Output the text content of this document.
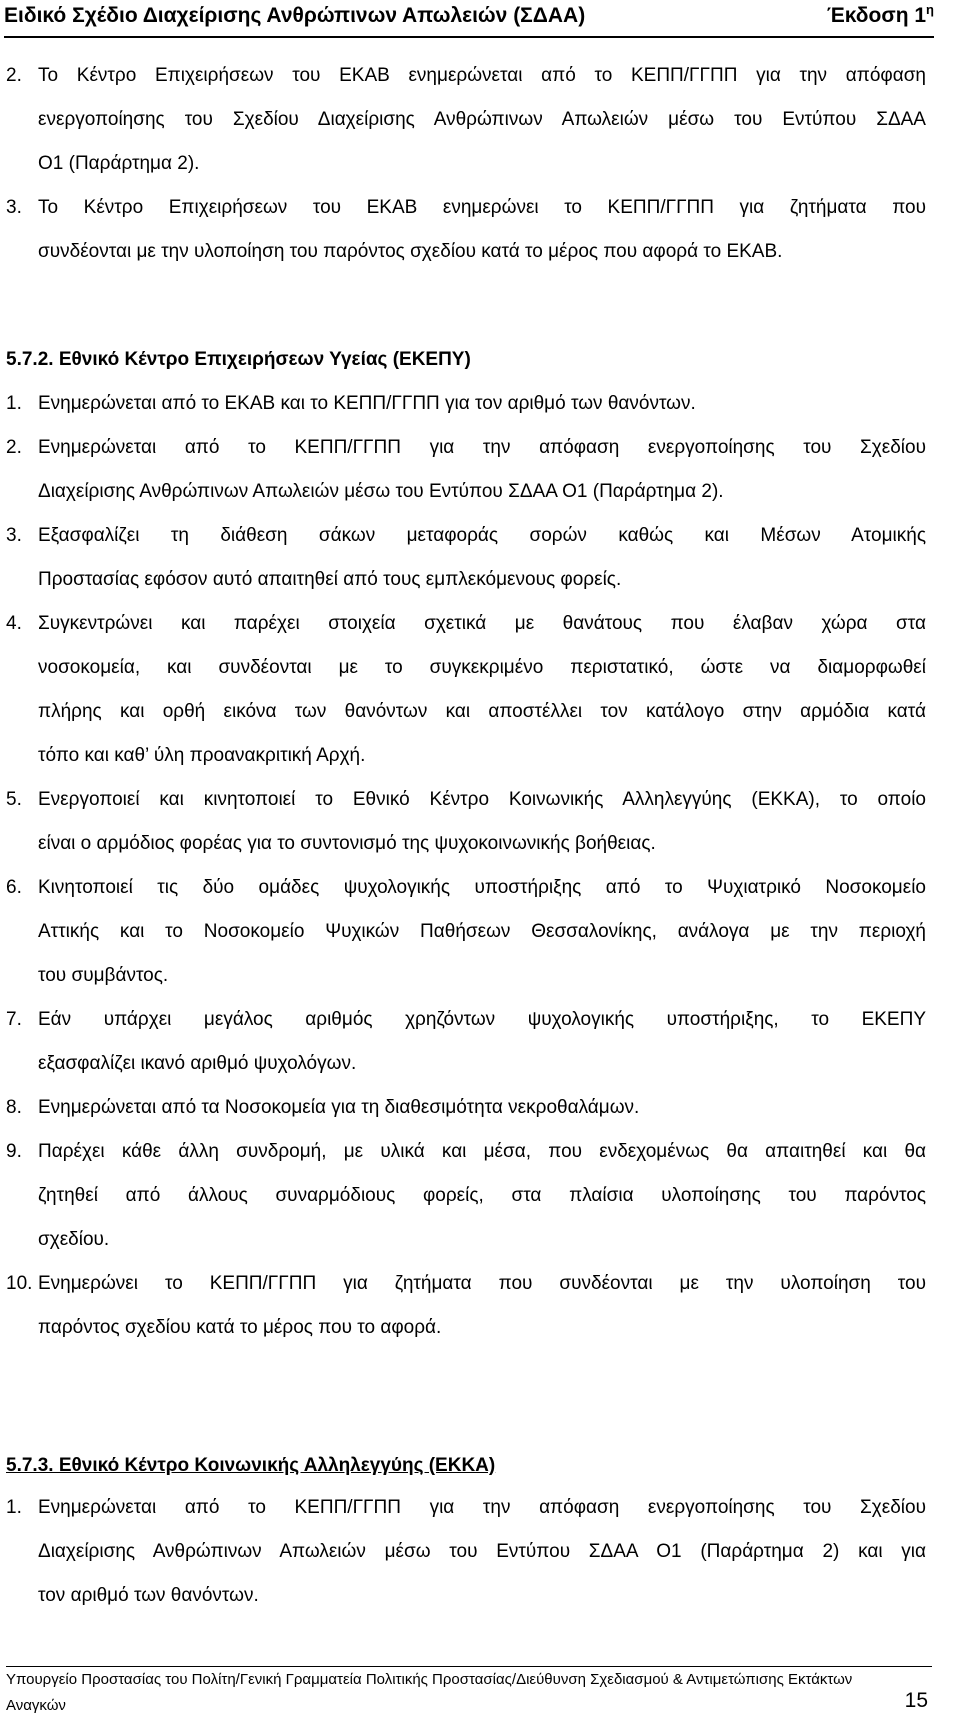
Ειδικό Σχέδιο Διαχείρισης Ανθρώπινων Απωλειών (ΣΔΑΑ)	Έκδοση $1^\eta$
2. Το Κέντρο Επιχειρήσεων του ΕΚΑΒ ενημερώνεται από το ΚΕΠΠ/ΓΓΠΠ για την απόφαση
ενεργοποίησης του Σχεδίου Διαχείρισης Ανθρώπινων Απωλειών μέσω του Εντύπου ΣΔΑΑ
Ο1 (Παράρτημα 2).
3. Το Κέντρο Επιχειρήσεων του ΕΚΑΒ ενημερώνει το ΚΕΠΠ/ΓΓΠΠ για ζητήματα που
συνδέονται με την υλοποίηση του παρόντος σχεδίου κατά το μέρος που αφορά το ΕΚΑΒ.
5.7.2. Εθνικό Κέντρο Επιχειρήσεων Υγείας (ΕΚΕΠΥ)
1. Ενημερώνεται από το ΕΚΑΒ και το ΚΕΠΠ/ΓΓΠΠ για τον αριθμό των θανόντων.
2. Ενημερώνεται από το ΚΕΠΠ/ΓΓΠΠ για την απόφαση ενεργοποίησης του Σχεδίου
Διαχείρισης Ανθρώπινων Απωλειών μέσω του Εντύπου ΣΔΑΑ Ο1 (Παράρτημα 2).
3. Εξασφαλίζει τη διάθεση σάκων μεταφοράς σορών καθώς και Μέσων Ατομικής
Προστασίας εφόσον αυτό απαιτηθεί από τους εμπλεκόμενους φορείς.
4. Συγκεντρώνει και παρέχει στοιχεία σχετικά με θανάτους που έλαβαν χώρα στα
νοσοκομεία, και συνδέονται με το συγκεκριμένο περιστατικό, ώστε να διαμορφωθεί
πλήρης και ορθή εικόνα των θανόντων και αποστέλλει τον κατάλογο στην αρμόδια κατά
τόπο και καθ’ ύλη προανακριτική Αρχή.
5. Ενεργοποιεί και κινητοποιεί το Εθνικό Κέντρο Κοινωνικής Αλληλεγγύης (ΕΚΚΑ), το οποίο
είναι ο αρμόδιος φορέας για το συντονισμό της ψυχοκοινωνικής βοήθειας.
6. Κινητοποιεί τις δύο ομάδες ψυχολογικής υποστήριξης από το Ψυχιατρικό Νοσοκομείο
Αττικής και το Νοσοκομείο Ψυχικών Παθήσεων Θεσσαλονίκης, ανάλογα με την περιοχή
του συμβάντος.
7. Εάν υπάρχει μεγάλος αριθμός χρηζόντων ψυχολογικής υποστήριξης, το ΕΚΕΠΥ
εξασφαλίζει ικανό αριθμό ψυχολόγων.
8. Ενημερώνεται από τα Νοσοκομεία για τη διαθεσιμότητα νεκροθαλάμων.
9. Παρέχει κάθε άλλη συνδρομή, με υλικά και μέσα, που ενδεχομένως θα απαιτηθεί και θα
ζητηθεί από άλλους συναρμόδιους φορείς, στα πλαίσια υλοποίησης του παρόντος
σχεδίου.
10. Ενημερώνει το ΚΕΠΠ/ΓΓΠΠ για ζητήματα που συνδέονται με την υλοποίηση του
παρόντος σχεδίου κατά το μέρος που το αφορά.
5.7.3. Εθνικό Κέντρο Κοινωνικής Αλληλεγγύης (ΕΚΚΑ)
1. Ενημερώνεται από το ΚΕΠΠ/ΓΓΠΠ για την απόφαση ενεργοποίησης του Σχεδίου
Διαχείρισης Ανθρώπινων Απωλειών μέσω του Εντύπου ΣΔΑΑ Ο1 (Παράρτημα 2) και για
τον αριθμό των θανόντων.
Υπουργείο Προστασίας του Πολίτη/Γενική Γραμματεία Πολιτικής Προστασίας/Διεύθυνση Σχεδιασμού & Αντιμετώπισης Εκτάκτων
Αναγκών	15
